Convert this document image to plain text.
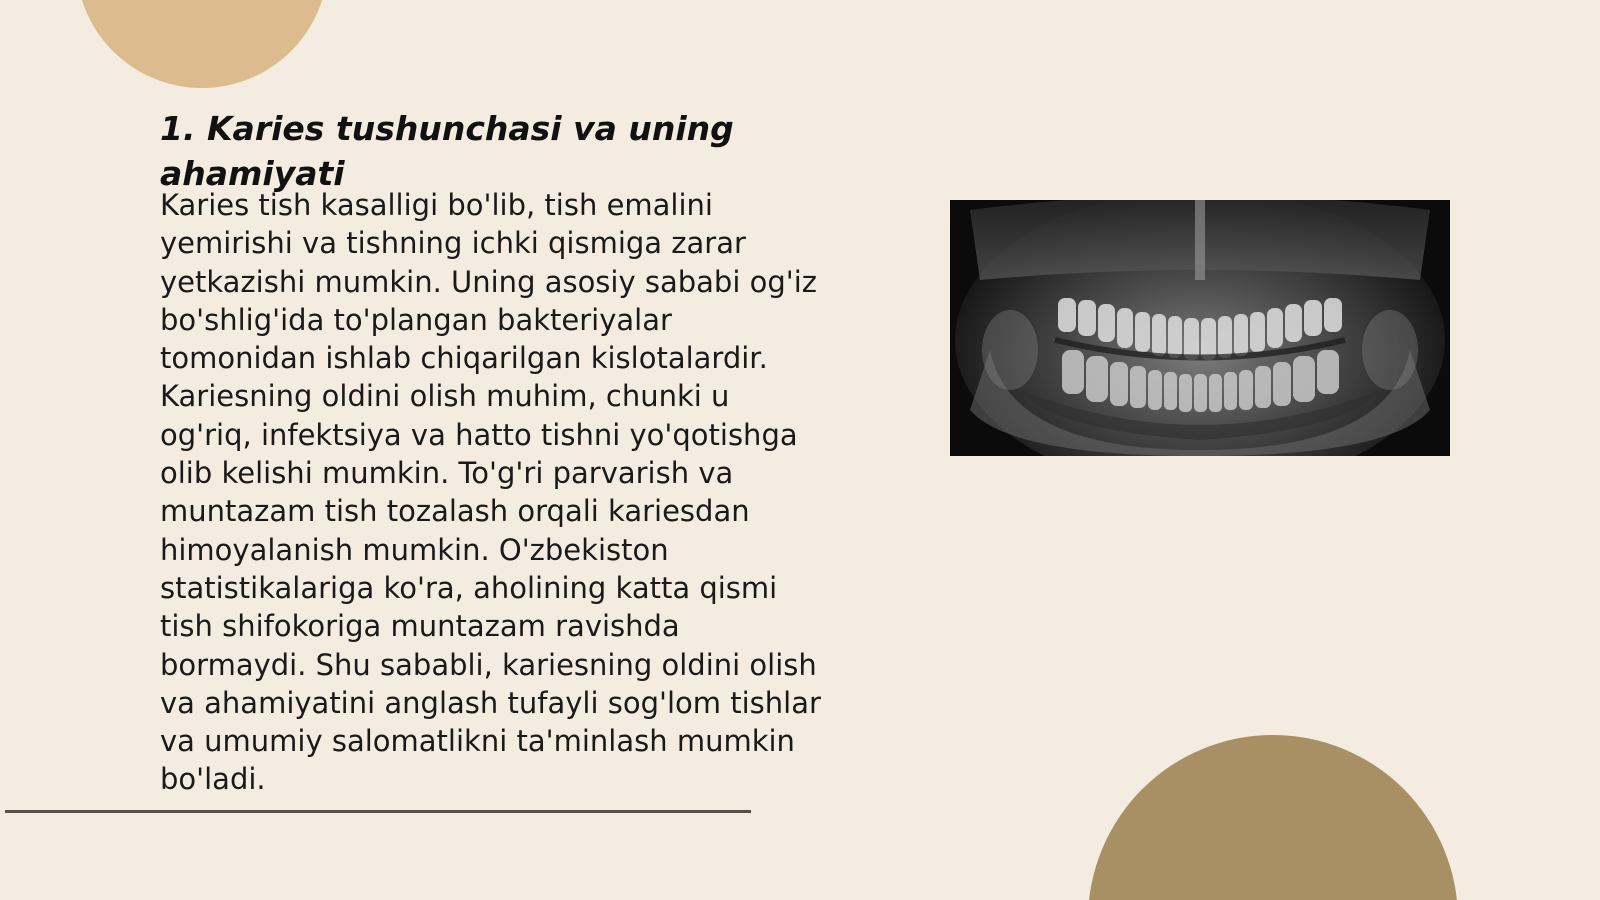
1. Karies tushunchasi va uning ahamiyati

Karies tish kasalligi bo'lib, tish emalini
yemirishi va tishning ichki qismiga zarar
yetkazishi mumkin. Uning asosiy sababi og'iz
bo'shlig'ida to'plangan bakteriyalar
tomonidan ishlab chiqarilgan kislotalardir.
Kariesning oldini olish muhim, chunki u
og'riq, infektsiya va hatto tishni yo'qotishga
olib kelishi mumkin. To'g'ri parvarish va
muntazam tish tozalash orqali kariesdan
himoyalanish mumkin. O'zbekiston
statistikalariga ko'ra, aholining katta qismi
tish shifokoriga muntazam ravishda
bormaydi. Shu sababli, kariesning oldini olish
va ahamiyatini anglash tufayli sog'lom tishlar
va umumiy salomatlikni ta'minlash mumkin
bo'ladi.
